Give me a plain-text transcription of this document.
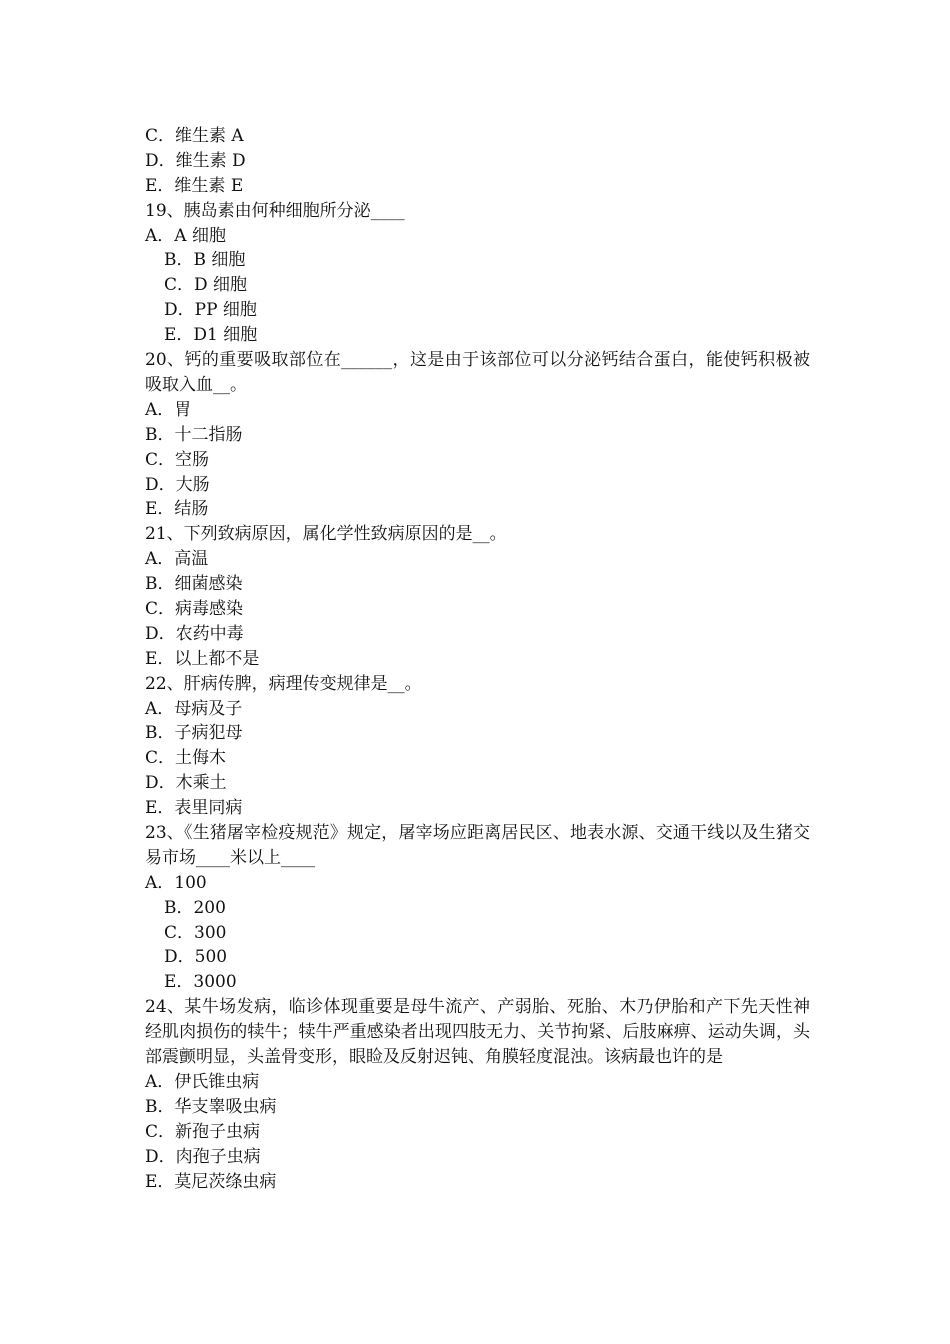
C．维生素 A
D．维生素 D
E．维生素 E
19、胰岛素由何种细胞所分泌____
A．A 细胞
B．B 细胞
C．D 细胞
D．PP 细胞
E．D1 细胞
20、钙的重要吸取部位在______，这是由于该部位可以分泌钙结合蛋白，能使钙积极被吸取入血__。
A．胃
B．十二指肠
C．空肠
D．大肠
E．结肠
21、下列致病原因，属化学性致病原因的是__。
A．高温
B．细菌感染
C．病毒感染
D．农药中毒
E．以上都不是
22、肝病传脾，病理传变规律是__。
A．母病及子
B．子病犯母
C．土侮木
D．木乘土
E．表里同病
23、《生猪屠宰检疫规范》规定，屠宰场应距离居民区、地表水源、交通干线以及生猪交易市场____米以上____
A．100
B．200
C．300
D．500
E．3000
24、某牛场发病，临诊体现重要是母牛流产、产弱胎、死胎、木乃伊胎和产下先天性神经肌肉损伤的犊牛；犊牛严重感染者出现四肢无力、关节拘紧、后肢麻痹、运动失调，头部震颤明显，头盖骨变形，眼睑及反射迟钝、角膜轻度混浊。该病最也许的是
A．伊氏锥虫病
B．华支睾吸虫病
C．新孢子虫病
D．肉孢子虫病
E．莫尼茨绦虫病
